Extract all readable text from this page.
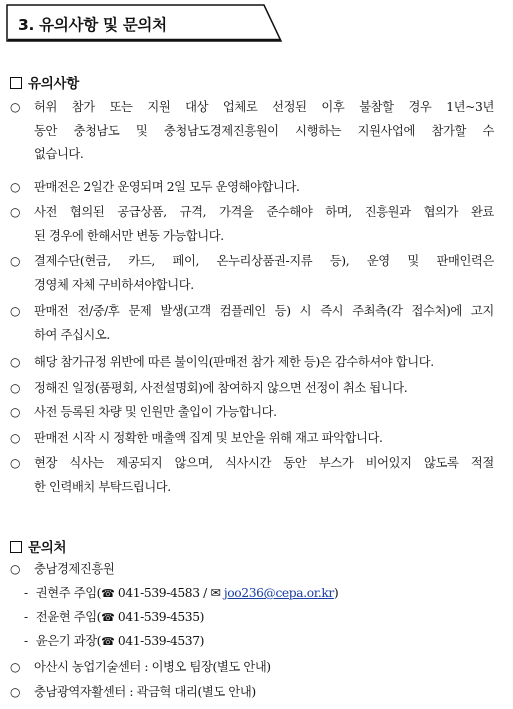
3. 유의사항 및 문의처
유의사항
○	허위 참가 또는 지원 대상 업체로 선정된 이후 불참할 경우 1년~3년
동안 충청남도 및 충청남도경제진흥원이 시행하는 지원사업에 참가할 수
없습니다.
○	판매전은 2일간 운영되며 2일 모두 운영해야합니다.
○	사전 협의된 공급상품, 규격, 가격을 준수해야 하며, 진흥원과 협의가 완료
된 경우에 한해서만 변동 가능합니다.
○	결제수단(현금, 카드, 페이, 온누리상품권-지류 등), 운영 및 판매인력은
경영체 자체 구비하셔야합니다.
○	판매전 전/중/후 문제 발생(고객 컴플레인 등) 시 즉시 주최측(각 접수처)에 고지
하여 주십시오.
○	해당 참가규정 위반에 따른 불이익(판매전 참가 제한 등)은 감수하셔야 합니다.
○	정해진 일정(품평회, 사전설명회)에 참여하지 않으면 선정이 취소 됩니다.
○	사전 등록된 차량 및 인원만 출입이 가능합니다.
○	판매전 시작 시 정확한 매출액 집계 및 보안을 위해 재고 파악합니다.
○	현장 식사는 제공되지 않으며, 식사시간 동안 부스가 비어있지 않도록 적절
한 인력배치 부탁드립니다.
문의처
○	충남경제진흥원
- 권현주 주임(☎ 041-539-4583 / ✉ joo236@cepa.or.kr)
- 전윤현 주임(☎ 041-539-4535)
- 윤은기 과장(☎ 041-539-4537)
○	아산시 농업기술센터 : 이병오 팀장(별도 안내)
○	충남광역자활센터 : 곽금혁 대리(별도 안내)
